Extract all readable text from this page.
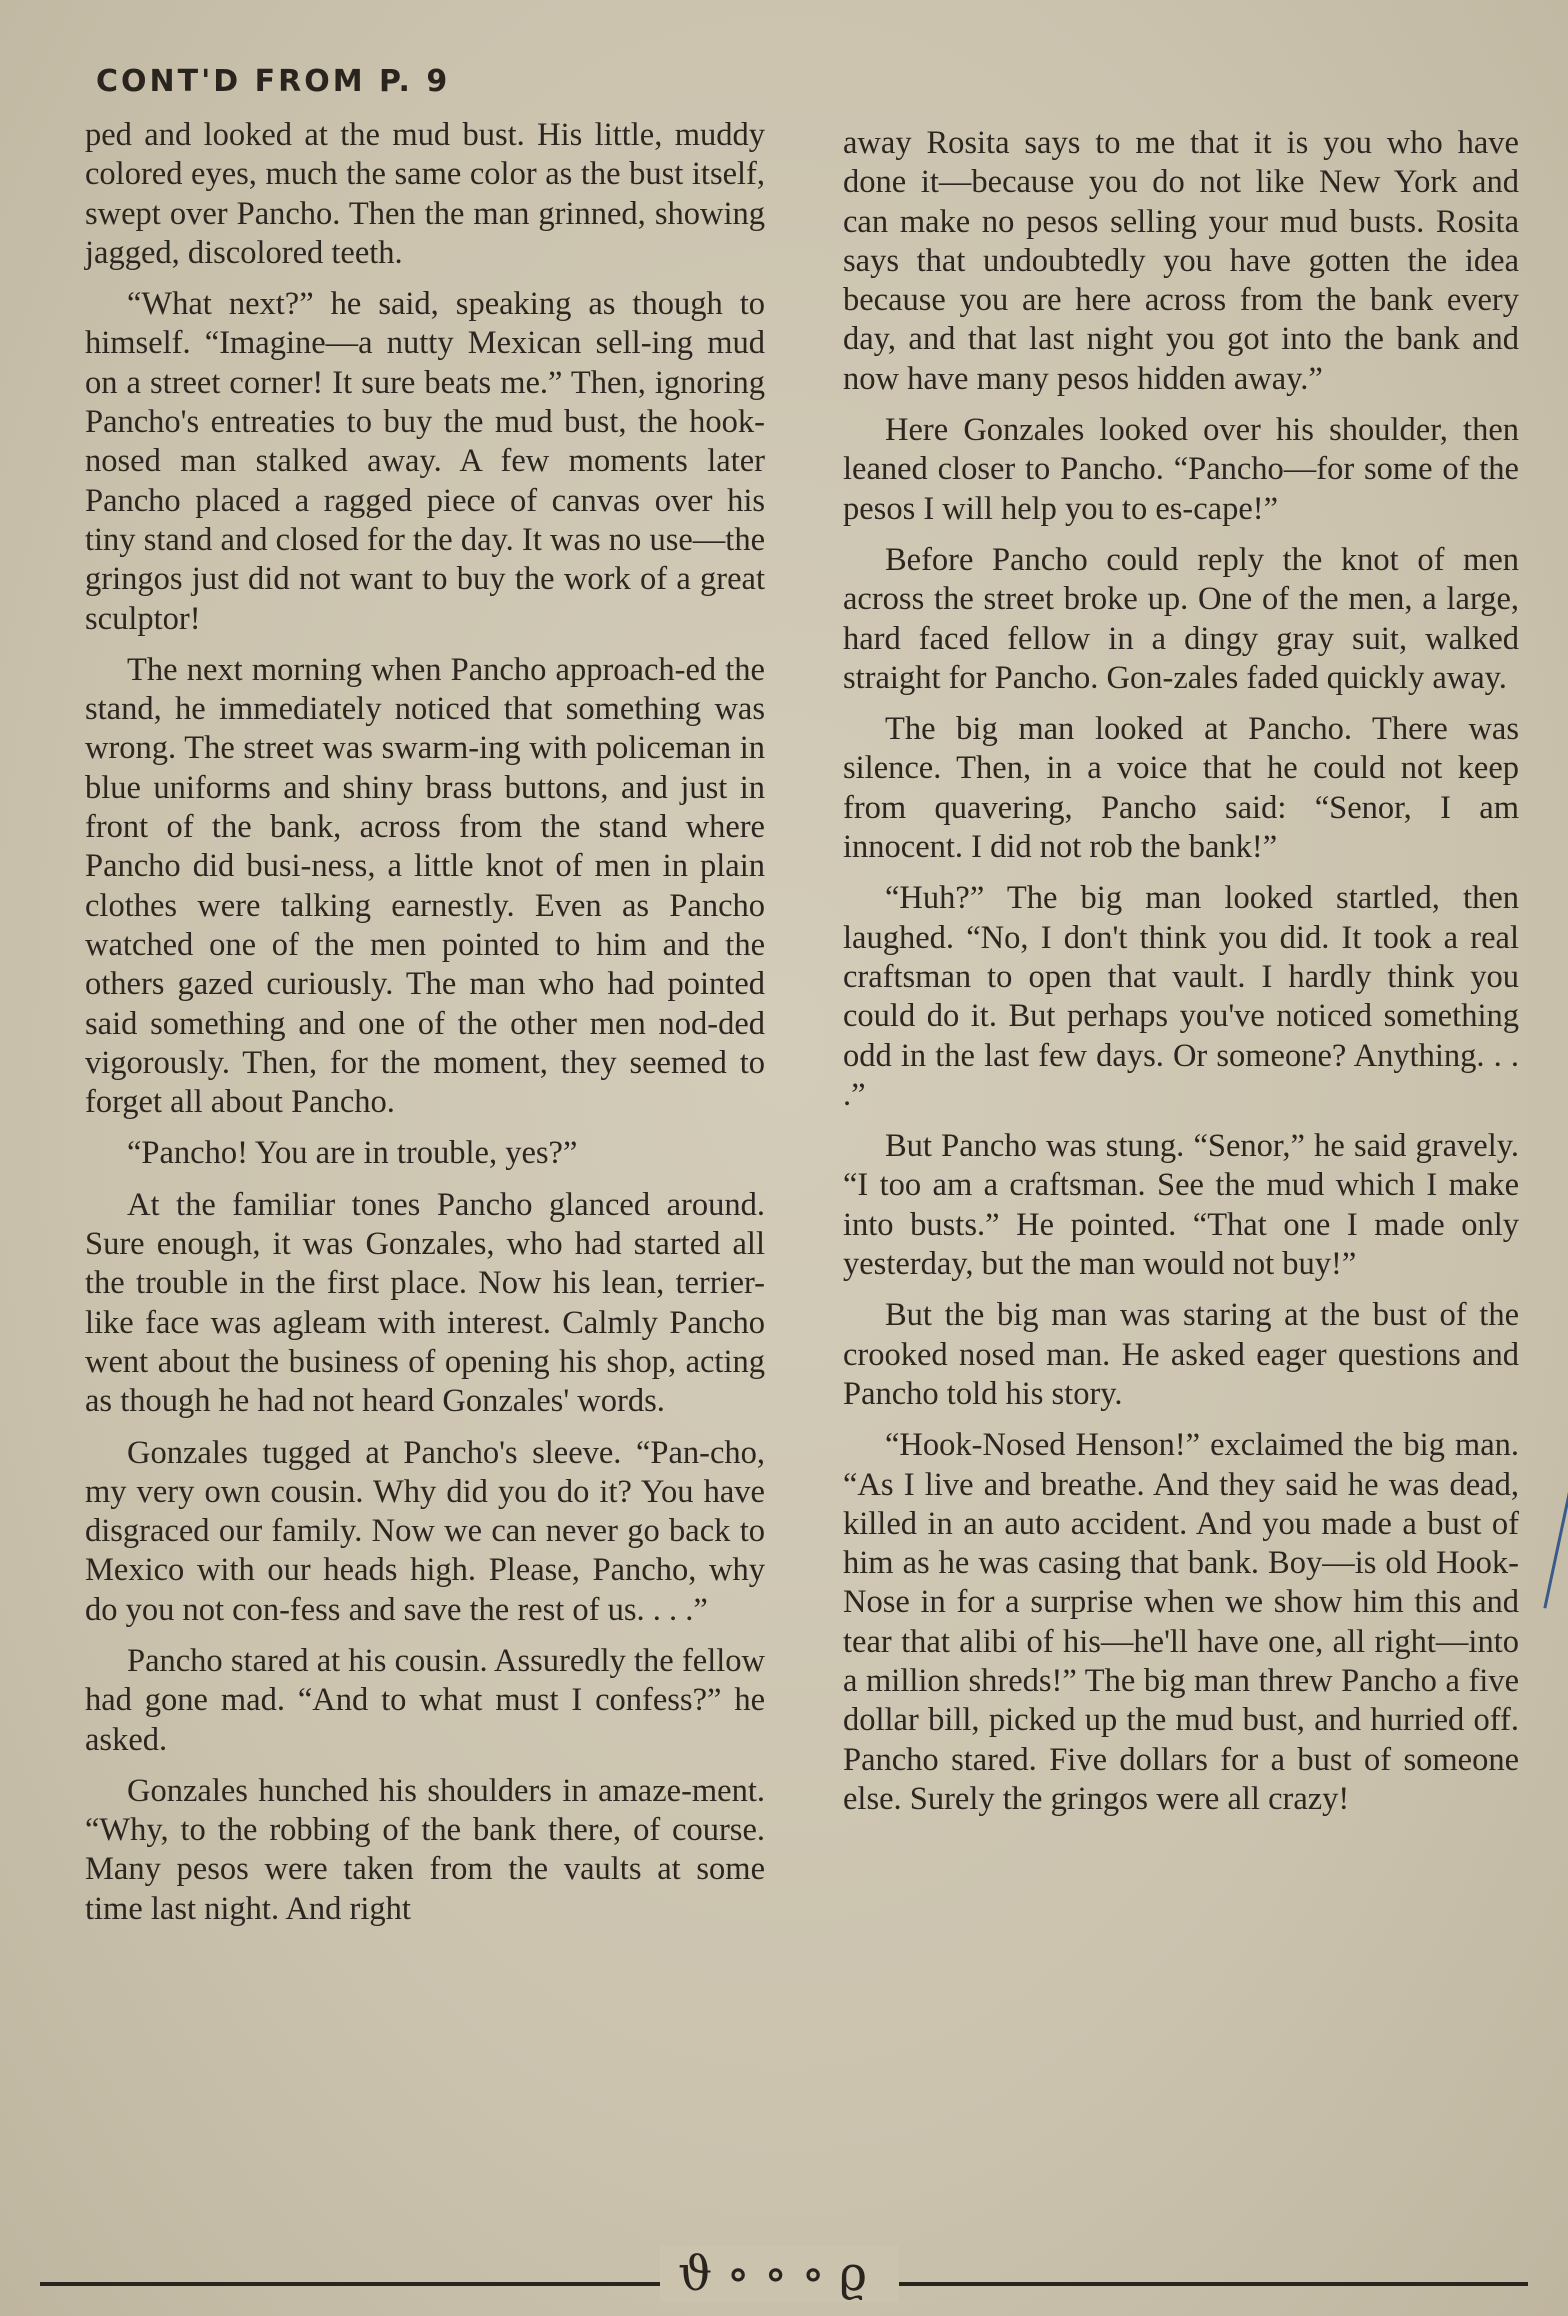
CONT'D FROM P. 9

ped and looked at the mud bust. His little, muddy colored eyes, much the same color as the bust itself, swept over Pancho. Then the man grinned, showing jagged, discolored teeth.

“What next?” he said, speaking as though to himself. “Imagine—a nutty Mexican sell-ing mud on a street corner! It sure beats me.” Then, ignoring Pancho's entreaties to buy the mud bust, the hook-nosed man stalked away. A few moments later Pancho placed a ragged piece of canvas over his tiny stand and closed for the day. It was no use—the gringos just did not want to buy the work of a great sculptor!

The next morning when Pancho approach-ed the stand, he immediately noticed that something was wrong. The street was swarm-ing with policeman in blue uniforms and shiny brass buttons, and just in front of the bank, across from the stand where Pancho did busi-ness, a little knot of men in plain clothes were talking earnestly. Even as Pancho watched one of the men pointed to him and the others gazed curiously. The man who had pointed said something and one of the other men nod-ded vigorously. Then, for the moment, they seemed to forget all about Pancho.

“Pancho! You are in trouble, yes?”

At the familiar tones Pancho glanced around. Sure enough, it was Gonzales, who had started all the trouble in the first place. Now his lean, terrier-like face was agleam with interest. Calmly Pancho went about the business of opening his shop, acting as though he had not heard Gonzales' words.

Gonzales tugged at Pancho's sleeve. “Pan-cho, my very own cousin. Why did you do it? You have disgraced our family. Now we can never go back to Mexico with our heads high. Please, Pancho, why do you not con-fess and save the rest of us. . . .”

Pancho stared at his cousin. Assuredly the fellow had gone mad. “And to what must I confess?” he asked.

Gonzales hunched his shoulders in amaze-ment. “Why, to the robbing of the bank there, of course. Many pesos were taken from the vaults at some time last night. And right

away Rosita says to me that it is you who have done it—because you do not like New York and can make no pesos selling your mud busts. Rosita says that undoubtedly you have gotten the idea because you are here across from the bank every day, and that last night you got into the bank and now have many pesos hidden away.”

Here Gonzales looked over his shoulder, then leaned closer to Pancho. “Pancho—for some of the pesos I will help you to es-cape!”

Before Pancho could reply the knot of men across the street broke up. One of the men, a large, hard faced fellow in a dingy gray suit, walked straight for Pancho. Gon-zales faded quickly away.

The big man looked at Pancho. There was silence. Then, in a voice that he could not keep from quavering, Pancho said: “Senor, I am innocent. I did not rob the bank!”

“Huh?” The big man looked startled, then laughed. “No, I don't think you did. It took a real craftsman to open that vault. I hardly think you could do it. But perhaps you've noticed something odd in the last few days. Or someone? Anything. . . .”

But Pancho was stung. “Senor,” he said gravely. “I too am a craftsman. See the mud which I make into busts.” He pointed. “That one I made only yesterday, but the man would not buy!”

But the big man was staring at the bust of the crooked nosed man. He asked eager questions and Pancho told his story.

“Hook-Nosed Henson!” exclaimed the big man. “As I live and breathe. And they said he was dead, killed in an auto accident. And you made a bust of him as he was casing that bank. Boy—is old Hook-Nose in for a surprise when we show him this and tear that alibi of his—he'll have one, all right—into a million shreds!” The big man threw Pancho a five dollar bill, picked up the mud bust, and hurried off. Pancho stared. Five dollars for a bust of someone else. Surely the gringos were all crazy!

ϑ∘∘∘ϱ
